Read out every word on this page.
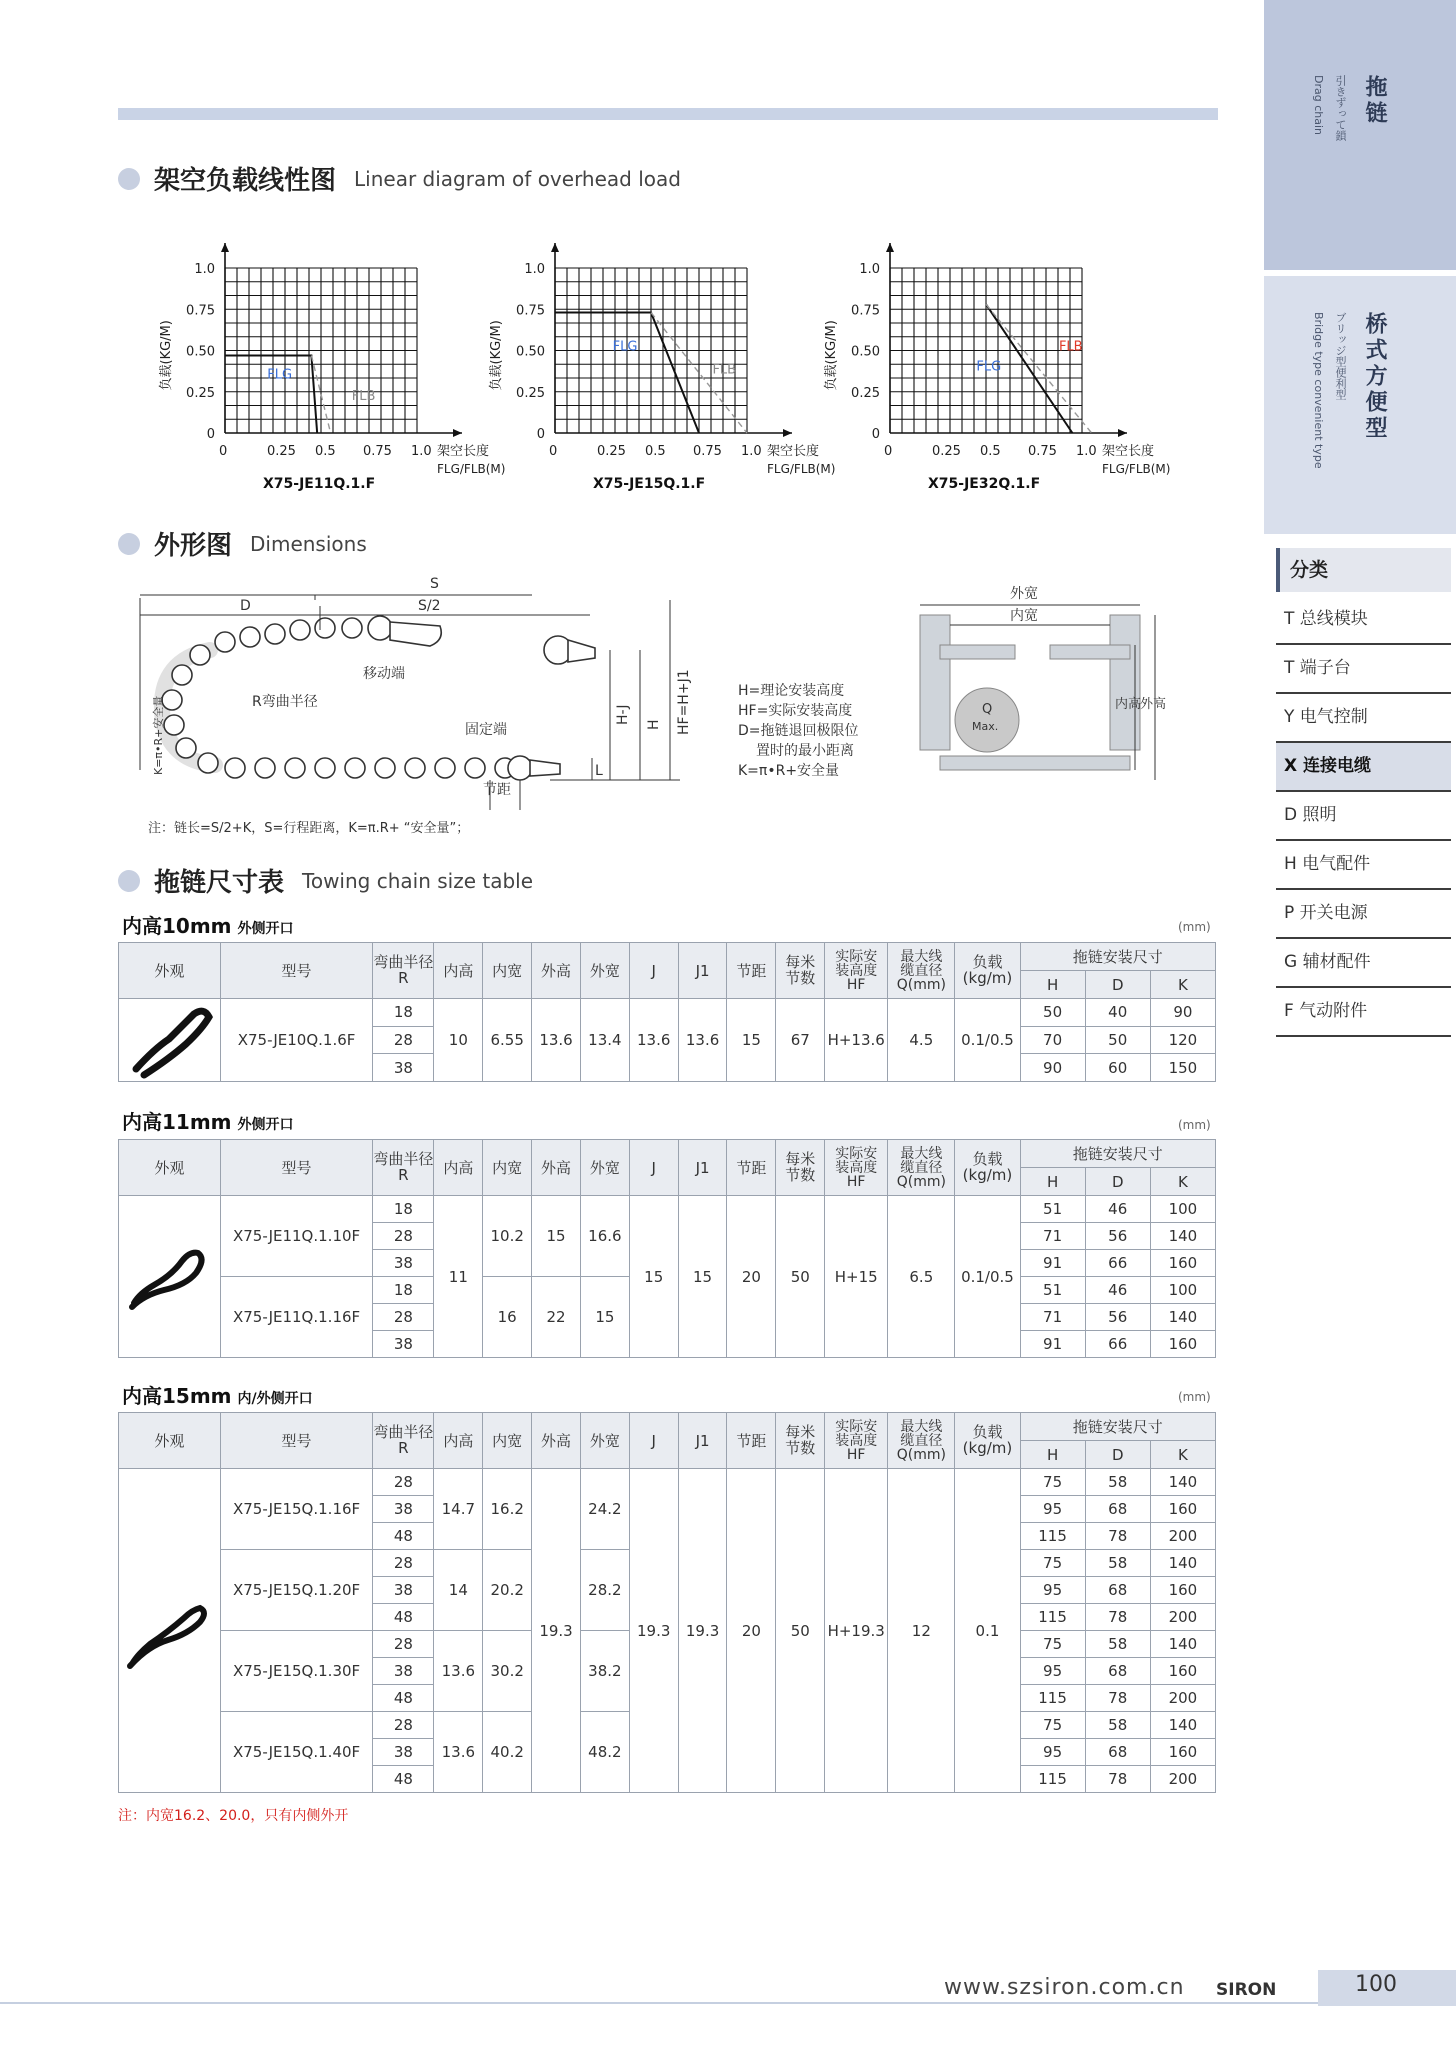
拖链
引きずって鎖
Drag chain
桥式方便型
ブリッジ型便利型
Bridge type convenient type
分类
T 总线模块
T 端子台
Y 电气控制
X 连接电缆
D 照明
H 电气配件
P 开关电源
G 辅材配件
F 气动附件
架空负载线性图 Linear diagram of overhead load
0	0.25 0.5 0.75 1.0
0
0.25
0.50
0.75
1.0
负载(KG/M)
架空长度
FLG/FLB(M)
X75-JE11Q.1.F
FLG
FLB
0	0.25 0.5 0.75 1.0
0
0.25
0.50
0.75
1.0
负载(KG/M)
架空长度
FLG/FLB(M)
X75-JE15Q.1.F
FLG
FLB
0	0.25 0.5 0.75 1.0
0
0.25
0.50
0.75
1.0
负载(KG/M)
架空长度
FLG/FLB(M)
X75-JE32Q.1.F
FLG
FLB
外形图 Dimensions
S
S/2
D
移动端
R弯曲半径
固定端
节距
L
H-J H HF=H+J1
K=π•R+安全量
H=理论安装高度
HF=实际安装高度
D=拖链退回极限位
置时的最小距离
K=π•R+安全量
外宽
内宽
内高
外高
Q
Max.
注：链长=S/2+K，S=行程距离，K=π.R+ “安全量”；
拖链尺寸表 Towing chain size table
内高10mm 外侧开口	(mm)
外观	型号	弯曲半径
R	内高	内宽	外高	外宽	J	J1	节距	每米
节数	实际安
装高度
HF	最大线
缆直径
Q(mm)	负载
(kg/m)	拖链安装尺寸		
														H	D	K
	X75-JE10Q.1.6F	18	10	6.55	13.6	13.4	13.6	13.6	15	67	H+13.6	4.5	0.1/0.5	50	40	90
		28												70	50	120
		38												90	60	150
内高11mm 外侧开口	(mm)
外观	型号	弯曲半径
R	内高	内宽	外高	外宽	J	J1	节距	每米
节数	实际安
装高度
HF	最大线
缆直径
Q(mm)	负载
(kg/m)	拖链安装尺寸		
														H	D	K
	X75-JE11Q.1.10F	18	11	10.2	15	16.6	15	15	20	50	H+15	6.5	0.1/0.5	51	46	100
		28												71	56	140
		38												91	66	160
	X75-JE11Q.1.16F	18		16	22	15								51	46	100
		28												71	56	140
		38												91	66	160
内高15mm 内/外侧开口	(mm)
外观	型号	弯曲半径
R	内高	内宽	外高	外宽	J	J1	节距	每米
节数	实际安
装高度
HF	最大线
缆直径
Q(mm)	负载
(kg/m)	拖链安装尺寸		
														H	D	K
	X75-JE15Q.1.16F	28	14.7	16.2	19.3	24.2	19.3	19.3	20	50	H+19.3	12	0.1	75	58	140
		38												95	68	160
		48												115	78	200
	X75-JE15Q.1.20F	28	14	20.2		28.2								75	58	140
		38												95	68	160
		48												115	78	200
	X75-JE15Q.1.30F	28	13.6	30.2		38.2								75	58	140
		38												95	68	160
		48												115	78	200
	X75-JE15Q.1.40F	28	13.6	40.2		48.2								75	58	140
		38												95	68	160
		48												115	78	200
注：内宽16.2、20.0，只有内侧外开
www.szsiron.com.cn SIRON	100
